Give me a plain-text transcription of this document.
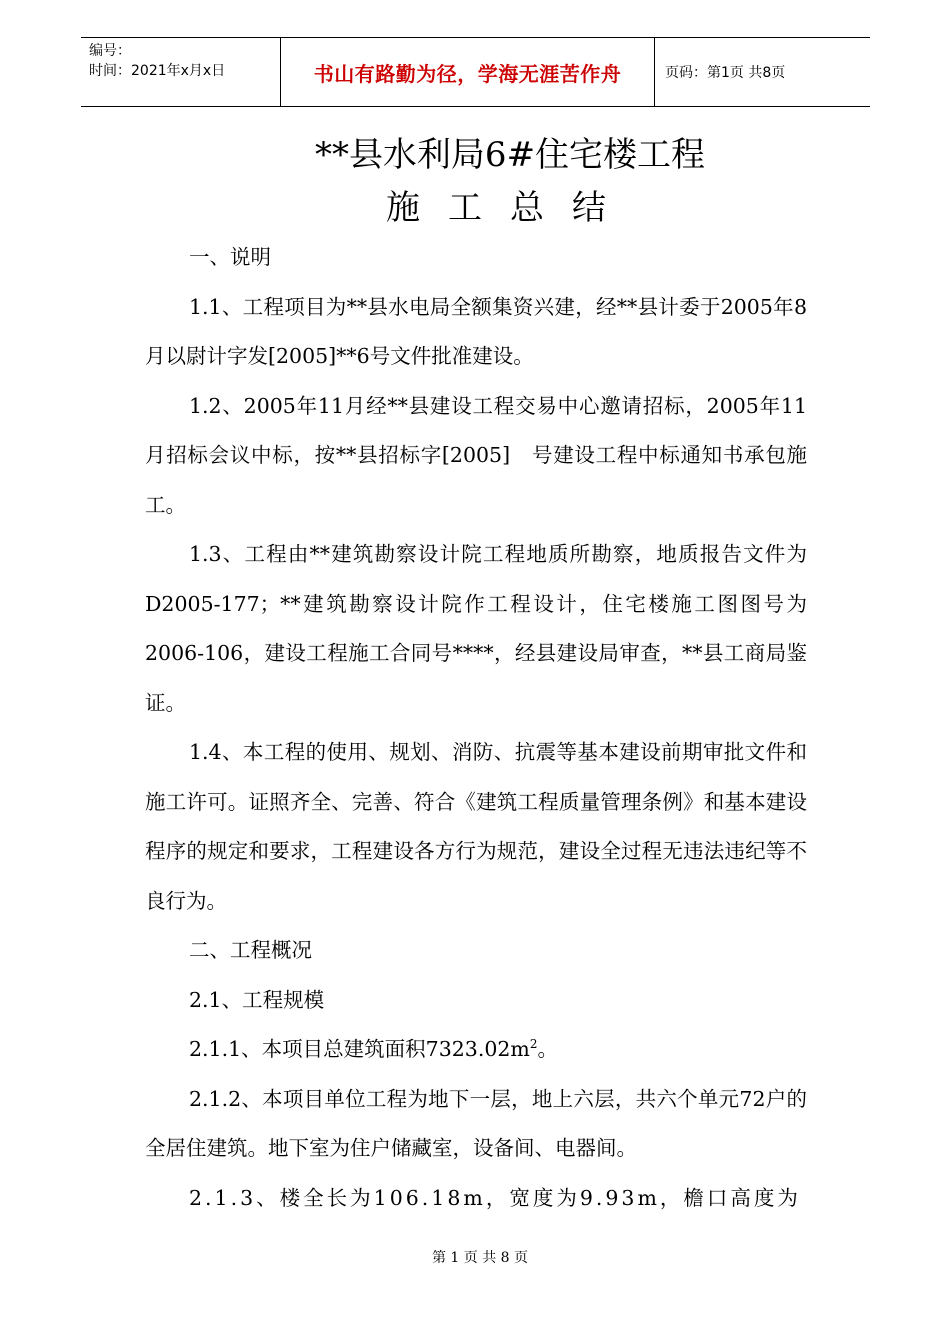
编号：
时间：2021年x月x日	书山有路勤为径，学海无涯苦作舟	页码：第1页 共8页
**县水利局6#住宅楼工程
施工总结

一、说明

1.1、工程项目为**县水电局全额集资兴建，经**县计委于2005年8月以尉计字发[2005]**6号文件批准建设。

1.2、2005年11月经**县建设工程交易中心邀请招标，2005年11月招标会议中标，按**县招标字[2005]　号建设工程中标通知书承包施工。

1.3、工程由**建筑勘察设计院工程地质所勘察，地质报告文件为D2005-177；**建筑勘察设计院作工程设计，住宅楼施工图图号为2006-106，建设工程施工合同号****，经县建设局审查，**县工商局鉴证。

1.4、本工程的使用、规划、消防、抗震等基本建设前期审批文件和施工许可。证照齐全、完善、符合《建筑工程质量管理条例》和基本建设程序的规定和要求，工程建设各方行为规范，建设全过程无违法违纪等不良行为。

二、工程概况

2.1、工程规模

2.1.1、本项目总建筑面积$7323.02m^2$。

2.1.2、本项目单位工程为地下一层，地上六层，共六个单元72户的全居住建筑。地下室为住户储藏室，设备间、电器间。

2.1.3、楼全长为106.18m，宽度为9.93m，檐口高度为

第 1 页 共 8 页
